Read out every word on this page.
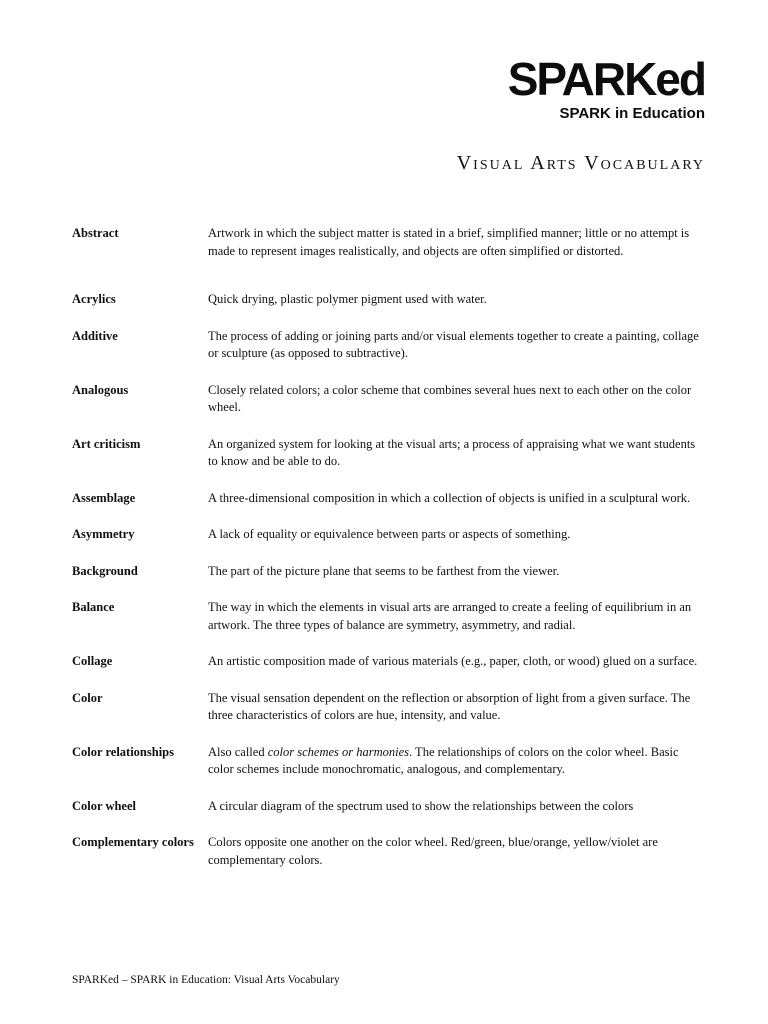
SPARKed
SPARK in Education
Visual Arts Vocabulary
Abstract	Artwork in which the subject matter is stated in a brief, simplified manner; little or no attempt is made to represent images realistically, and objects are often simplified or distorted.
Acrylics	Quick drying, plastic polymer pigment used with water.
Additive	The process of adding or joining parts and/or visual elements together to create a painting, collage or sculpture (as opposed to subtractive).
Analogous	Closely related colors; a color scheme that combines several hues next to each other on the color wheel.
Art criticism	An organized system for looking at the visual arts; a process of appraising what we want students to know and be able to do.
Assemblage	A three-dimensional composition in which a collection of objects is unified in a sculptural work.
Asymmetry	A lack of equality or equivalence between parts or aspects of something.
Background	The part of the picture plane that seems to be farthest from the viewer.
Balance	The way in which the elements in visual arts are arranged to create a feeling of equilibrium in an artwork. The three types of balance are symmetry, asymmetry, and radial.
Collage	An artistic composition made of various materials (e.g., paper, cloth, or wood) glued on a surface.
Color	The visual sensation dependent on the reflection or absorption of light from a given surface. The three characteristics of colors are hue, intensity, and value.
Color relationships	Also called color schemes or harmonies. The relationships of colors on the color wheel. Basic color schemes include monochromatic, analogous, and complementary.
Color wheel	A circular diagram of the spectrum used to show the relationships between the colors
Complementary colors	Colors opposite one another on the color wheel. Red/green, blue/orange, yellow/violet are complementary colors.
SPARKed – SPARK in Education: Visual Arts Vocabulary
